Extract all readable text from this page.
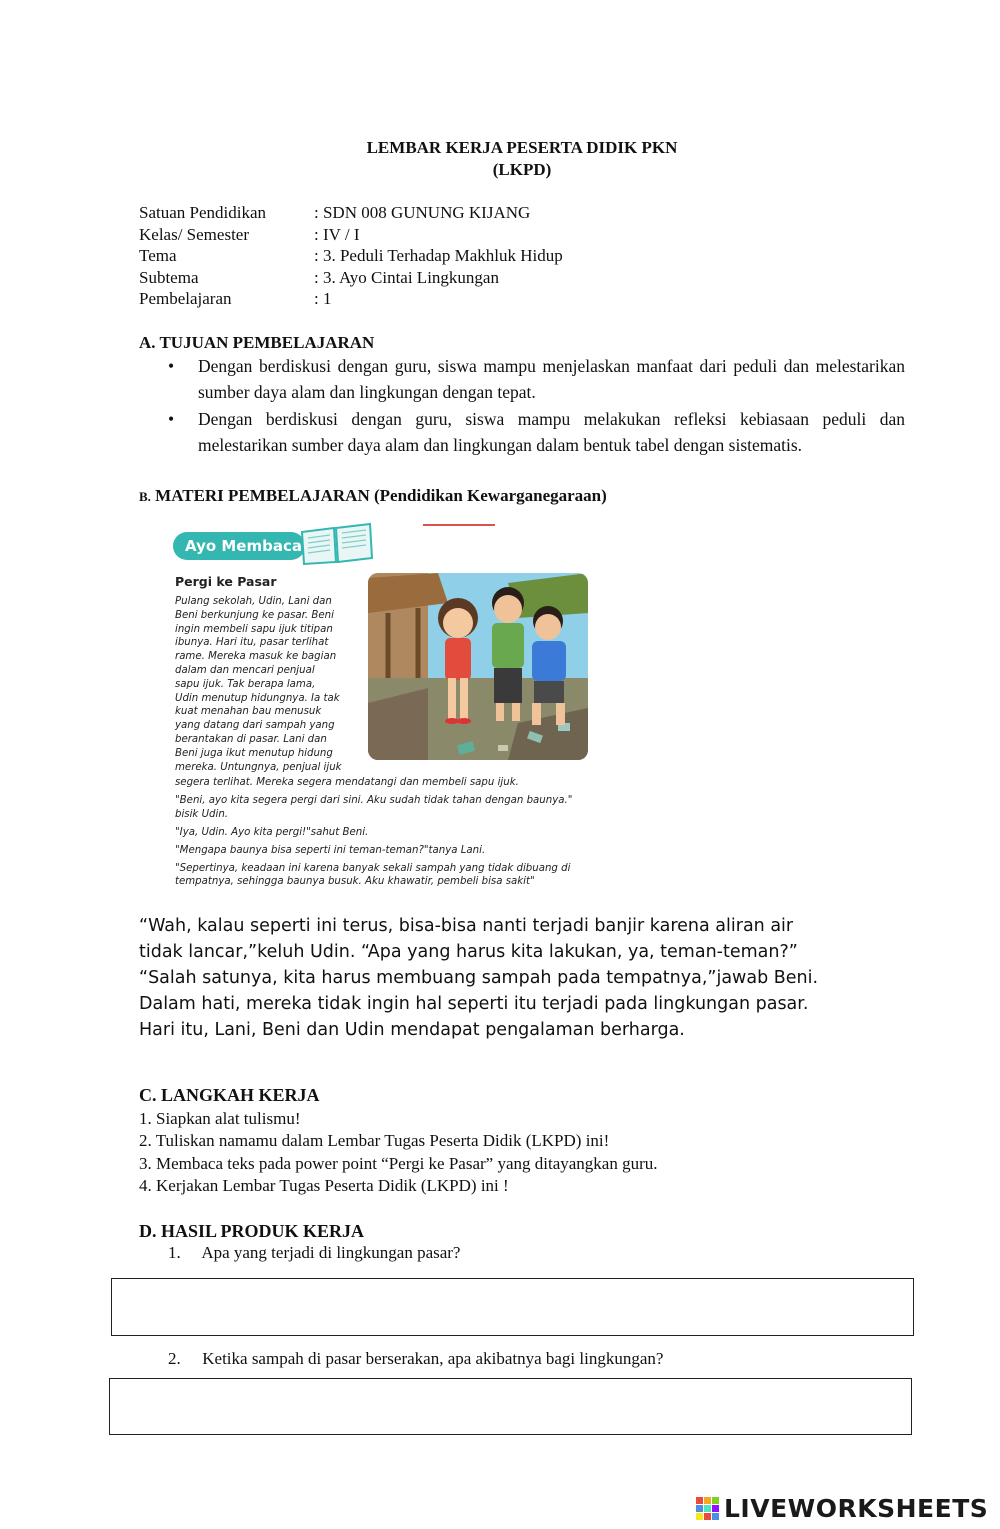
LEMBAR KERJA PESERTA DIDIK PKN
(LKPD)
Satuan Pendidikan	: SDN 008 GUNUNG KIJANG
Kelas/ Semester	: IV / I
Tema	: 3. Peduli Terhadap Makhluk Hidup
Subtema	: 3. Ayo Cintai Lingkungan
Pembelajaran	: 1
A. TUJUAN PEMBELAJARAN
• Dengan berdiskusi dengan guru, siswa mampu menjelaskan manfaat dari peduli dan melestarikan sumber daya alam dan lingkungan dengan tepat.
• Dengan berdiskusi dengan guru, siswa mampu melakukan refleksi kebiasaan peduli dan melestarikan sumber daya alam dan lingkungan dalam bentuk tabel dengan sistematis.
B. MATERI PEMBELAJARAN (Pendidikan Kewarganegaraan)
Ayo Membaca
Pergi ke Pasar
Pulang sekolah, Udin, Lani dan
Beni berkunjung ke pasar. Beni
ingin membeli sapu ijuk titipan
ibunya. Hari itu, pasar terlihat
rame. Mereka masuk ke bagian
dalam dan mencari penjual
sapu ijuk. Tak berapa lama,
Udin menutup hidungnya. Ia tak
kuat menahan bau menusuk
yang datang dari sampah yang
berantakan di pasar. Lani dan
Beni juga ikut menutup hidung
mereka. Untungnya, penjual ijuk
segera terlihat. Mereka segera mendatangi dan membeli sapu ijuk.
"Beni, ayo kita segera pergi dari sini. Aku sudah tidak tahan dengan baunya." bisik Udin.
"Iya, Udin. Ayo kita pergi!"sahut Beni.
"Mengapa baunya bisa seperti ini teman-teman?"tanya Lani.
"Sepertinya, keadaan ini karena banyak sekali sampah yang tidak dibuang di tempatnya, sehingga baunya busuk. Aku khawatir, pembeli bisa sakit"
“Wah, kalau seperti ini terus, bisa-bisa nanti terjadi banjir karena aliran air
tidak lancar,”keluh Udin. “Apa yang harus kita lakukan, ya, teman-teman?”
“Salah satunya, kita harus membuang sampah pada tempatnya,”jawab Beni.
Dalam hati, mereka tidak ingin hal seperti itu terjadi pada lingkungan pasar.
Hari itu, Lani, Beni dan Udin mendapat pengalaman berharga.
C. LANGKAH KERJA
1. Siapkan alat tulismu!
2. Tuliskan namamu dalam Lembar Tugas Peserta Didik (LKPD) ini!
3. Membaca teks pada power point “Pergi ke Pasar” yang ditayangkan guru.
4. Kerjakan Lembar Tugas Peserta Didik (LKPD) ini !
D. HASIL PRODUK KERJA
1. Apa yang terjadi di lingkungan pasar?
2. Ketika sampah di pasar berserakan, apa akibatnya bagi lingkungan?
LIVEWORKSHEETS
